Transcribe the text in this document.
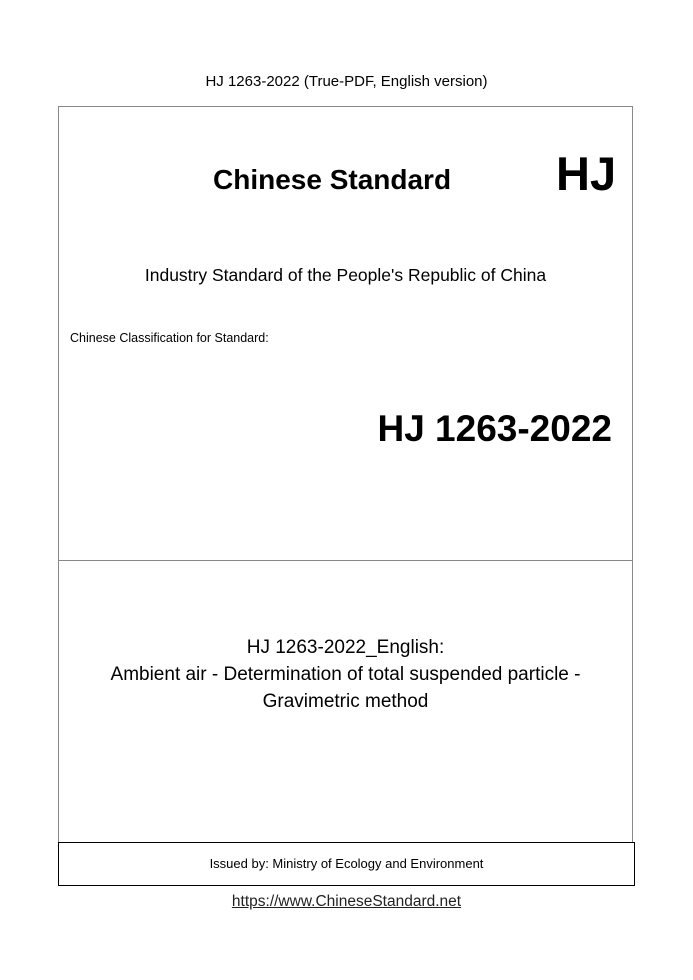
HJ 1263-2022 (True-PDF, English version)
Chinese Standard HJ
Industry Standard of the People's Republic of China
Chinese Classification for Standard:
HJ 1263-2022
HJ 1263-2022_English:
Ambient air - Determination of total suspended particle -
Gravimetric method
Issued by: Ministry of Ecology and Environment
https://www.ChineseStandard.net
